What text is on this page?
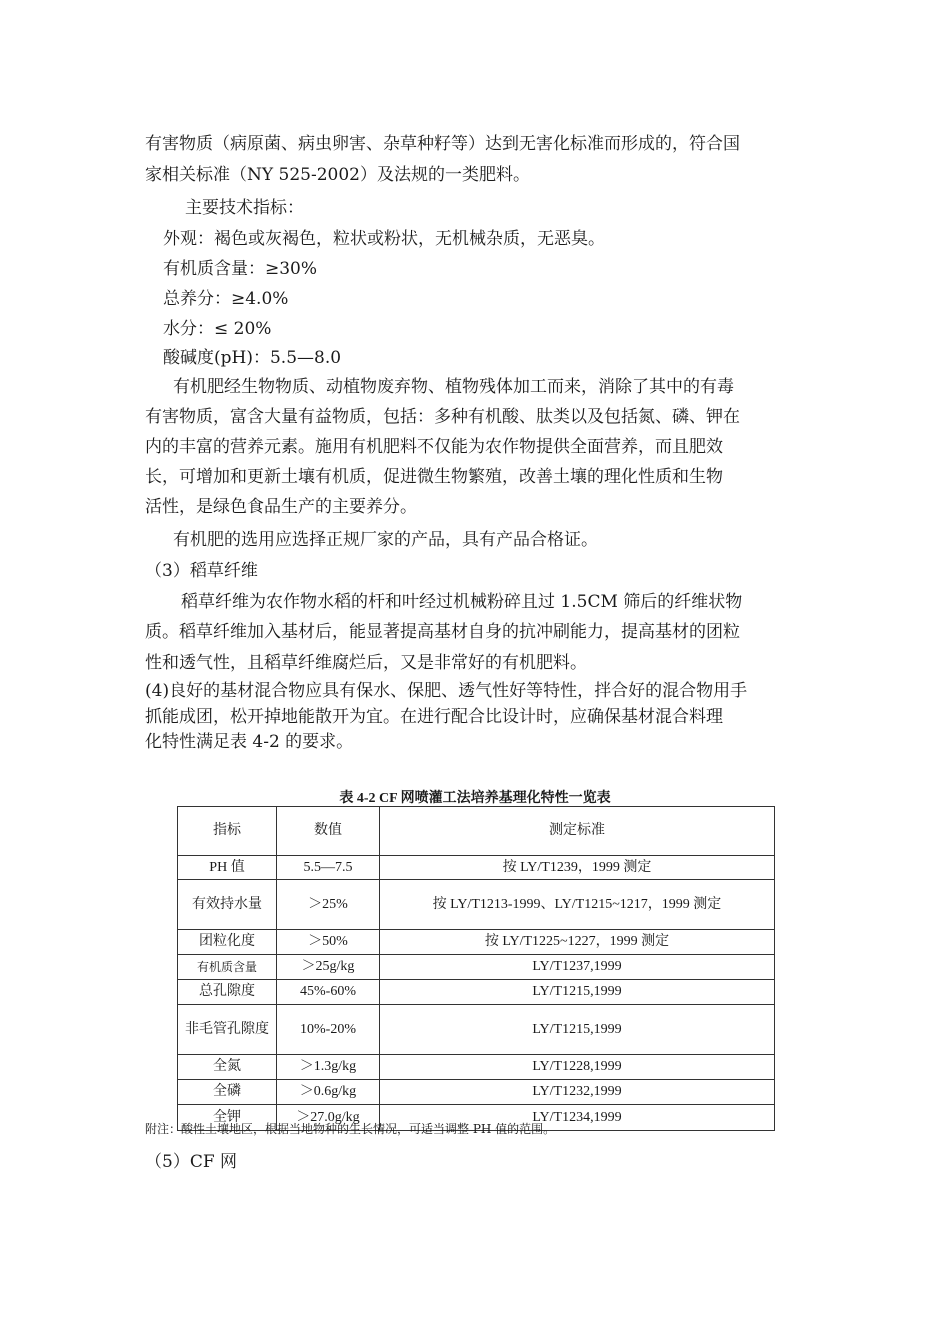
有害物质（病原菌、病虫卵害、杂草种籽等）达到无害化标准而形成的，符合国
家相关标准（NY 525-2002）及法规的一类肥料。
主要技术指标：
外观：褐色或灰褐色，粒状或粉状，无机械杂质，无恶臭。
有机质含量：≥30%
总养分：≥4.0%
水分：≤ 20%
酸碱度(pH)：5.5—8.0
有机肥经生物物质、动植物废弃物、植物残体加工而来，消除了其中的有毒
有害物质，富含大量有益物质，包括：多种有机酸、肽类以及包括氮、磷、钾在
内的丰富的营养元素。施用有机肥料不仅能为农作物提供全面营养，而且肥效
长，可增加和更新土壤有机质，促进微生物繁殖，改善土壤的理化性质和生物
活性，是绿色食品生产的主要养分。
有机肥的选用应选择正规厂家的产品，具有产品合格证。
（3）稻草纤维
稻草纤维为农作物水稻的杆和叶经过机械粉碎且过 1.5CM 筛后的纤维状物
质。稻草纤维加入基材后，能显著提高基材自身的抗冲刷能力，提高基材的团粒
性和透气性，且稻草纤维腐烂后，又是非常好的有机肥料。
(4)良好的基材混合物应具有保水、保肥、透气性好等特性，拌合好的混合物用手
抓能成团，松开掉地能散开为宜。在进行配合比设计时，应确保基材混合料理
化特性满足表 4-2 的要求。
表 4-2 CF 网喷灌工法培养基理化特性一览表
指标	数值	测定标准
PH 值	5.5—7.5	按 LY/T1239，1999 测定
有效持水量	＞25%	按 LY/T1213-1999、LY/T1215~1217，1999 测定
团粒化度	＞50%	按 LY/T1225~1227，1999 测定
有机质含量	＞25g/kg	LY/T1237,1999
总孔隙度	45%-60%	LY/T1215,1999
非毛管孔隙度	10%-20%	LY/T1215,1999
全氮	＞1.3g/kg	LY/T1228,1999
全磷	＞0.6g/kg	LY/T1232,1999
全钾	＞27.0g/kg	LY/T1234,1999
附注：酸性土壤地区，根据当地物种的生长情况，可适当调整 PH 值的范围。
（5）CF 网
